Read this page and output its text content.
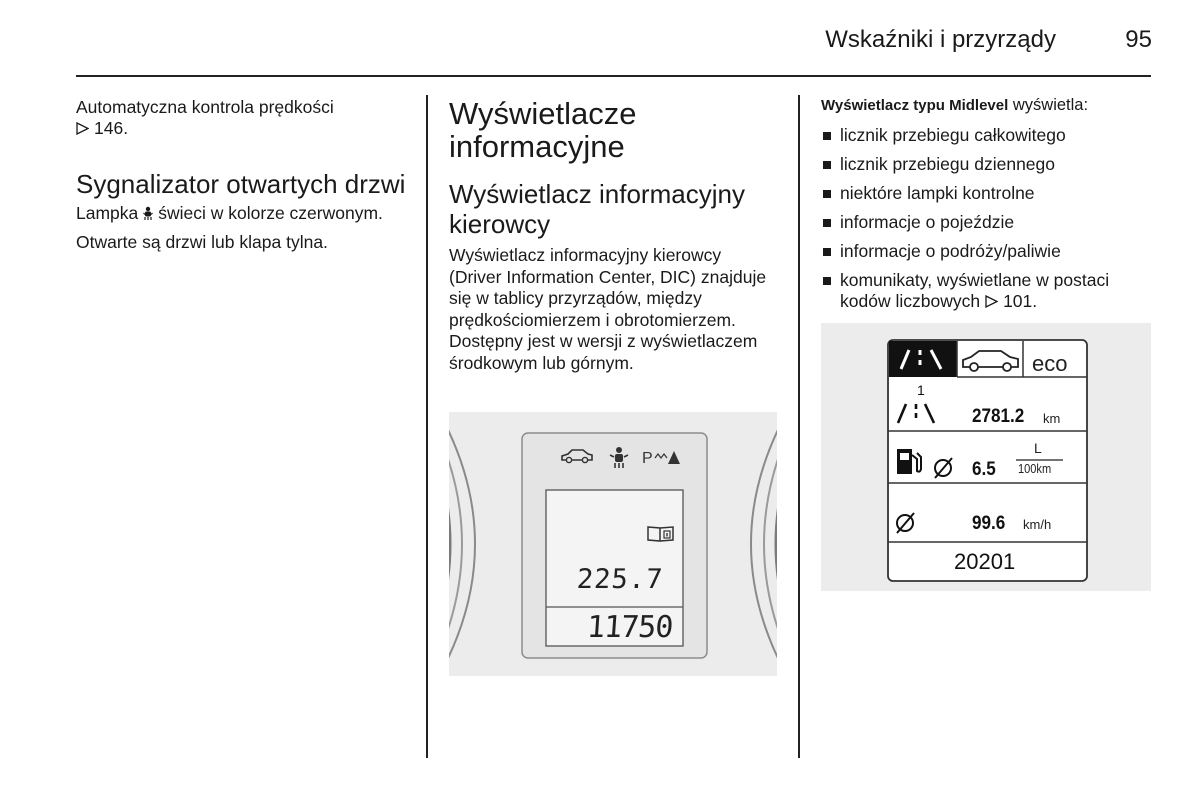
Wskaźniki i przyrządy	95

Automatyczna kontrola prędkości
146.

Sygnalizator otwartych drzwi

Lampka świeci w kolorze czerwonym.

Otwarte są drzwi lub klapa tylna.

Wyświetlacze informacyjne
Wyświetlacz informacyjny kierowcy

Wyświetlacz informacyjny kierowcy (Driver Information Center, DIC) znajduje się w tablicy przyrządów, między prędkościomierzem i obrotomierzem. Dostępny jest w wersji z wyświetlaczem środkowym lub górnym.

P
225.7
11750

Wyświetlacz typu Midlevel wyświetla:

licznik przebiegu całkowitego
licznik przebiegu dziennego
niektóre lampki kontrolne
informacje o pojeździe
informacje o podróży/paliwie
komunikaty, wyświetlane w postaci kodów liczbowych 101.
eco
1
2781.2 km
6.5
L
100km
99.6 km/h
20201
